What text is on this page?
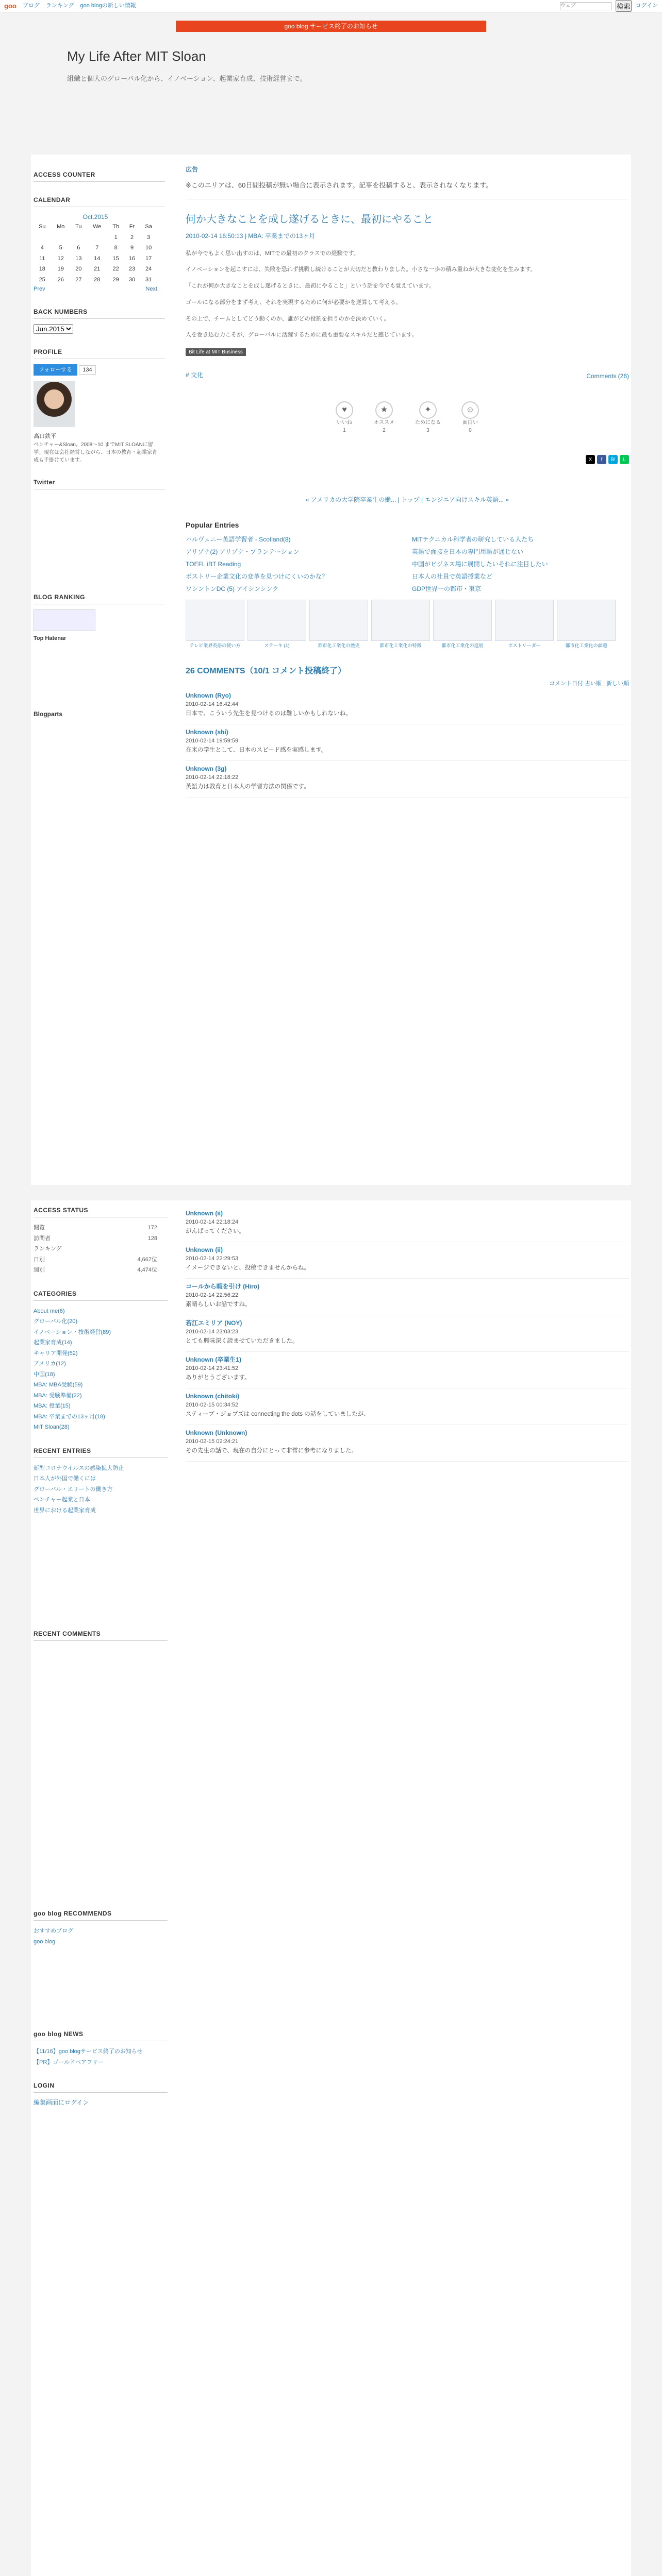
goo ブログ ランキング goo blogの新しい情報
ウェブ	検索 ログイン
goo blog サービス終了のお知らせ
My Life After MIT Sloan

組織と個人のグローバル化から、イノベーション、起業家育成、技術経営まで。

ACCESS COUNTER
CALENDAR
Oct.2015
Su	Mo	Tu	We	Th	Fr	Sa
				1	2	3
4	5	6	7	8	9	10
11	12	13	14	15	16	17
18	19	20	21	22	23	24
25	26	27	28	29	30	31
Prev	Next
BACK NUMBERS
Jun.2015
PROFILE
フォローする 134
高口鉄平
ベンチャー&Sloan。2008〜10 までMIT SLOANに留学。現在は会社経営しながら、日本の教育・起業家育成も手掛けています。
Twitter
BLOG RANKING
Top Hatenar
Blogparts
広告
※このエリアは、60日間投稿が無い場合に表示されます。記事を投稿すると、表示されなくなります。
何か大きなことを成し遂げるときに、最初にやること
2010-02-14 16:50:13 | MBA: 卒業までの13ヶ月

私が今でもよく思い出すのは、MITでの最初のクラスでの経験です。

イノベーションを起こすには、失敗を恐れず挑戦し続けることが大切だと教わりました。小さな一歩の積み重ねが大きな変化を生みます。

「これが何か大きなことを成し遂げるときに、最初にやること」という話を今でも覚えています。

ゴールになる部分をまず考え、それを実現するために何が必要かを逆算して考える。

その上で、チームとしてどう動くのか、誰がどの役割を担うのかを決めていく。

人を巻き込む力こそが、グローバルに活躍するために最も重要なスキルだと感じています。

Bit Life at MIT Business
# 文化	Comments (26)
♥
いいね
1
★
オススメ
2
✦
ためになる
3
☺
面白い
0
X	f	B!	L
« アメリカの大学院卒業生の働... | トップ | エンジニア向けスキル英語... »
Popular Entries
ハルヴェニー英語学習者 - Scotland(8)	MITテクニカル科学者の研究している人たち
アリゾナ(2) アリゾナ・プランテーション	英語で面接を日本の専門用語が通じない
TOEFL iBT Reading	中国がビジネス場に展開したいそれに注目したい
ポストリー企業文化の変革を見つけにくいのかな？	日本人の社員で英語授業など
ワシントンDC (5) アイシンシンク	GDP世界一の都市・東京
テレビ業界英語の使い方	ステーキ (1)	都市化工業化の歴史	都市化工業化の特徴	都市化工業化の進展	ポストリーダー	都市化工業化の課題
26 COMMENTS（10/1 コメント投稿終了）
コメント日付 古い順 | 新しい順
Unknown (Ryo)
2010-02-14 16:42:44

日本で、こういう先生を見つけるのは難しいかもしれないね。

Unknown (shi)
2010-02-14 19:59:59

在米の学生として、日本のスピード感を実感します。

Unknown (3g)
2010-02-14 22:18:22

英語力は教育と日本人の学習方法の関係です。

ACCESS STATUS
閲覧	172
訪問者	128
ランキング
日別	4,667位
週別	4,474位
CATEGORIES
About me(6)
グローバル化(20)
イノベーション・技術経営(89)
起業家育成(14)
キャリア開発(52)
アメリカ(12)
中国(18)
MBA: MBA受験(59)
MBA: 受験準備(22)
MBA: 授業(15)
MBA: 卒業までの13ヶ月(18)
MIT Sloan(28)
RECENT ENTRIES
新型コロナウイルスの感染拡大防止
日本人が外国で働くには
グローバル・エリートの働き方
ベンチャー起業と日本
世界における起業家育成
RECENT COMMENTS
goo blog RECOMMENDS
おすすめブログ
goo blog
goo blog NEWS
【11/16】goo blogサービス終了のお知らせ
【PR】ゴールドペアフリー
LOGIN
編集画面にログイン
Unknown (ii)
2010-02-14 22:18:24

がんばってください。

Unknown (ii)
2010-02-14 22:29:53

イメージできないと、投稿できませんからね。

コールから暇を引け (Hiro)
2010-02-14 22:56:22

素晴らしいお話ですね。

若江エミリア (NOY)
2010-02-14 23:03:23

とても興味深く読ませていただきました。

Unknown (卒業生1)
2010-02-14 23:41:52

ありがとうございます。

Unknown (chitoki)
2010-02-15 00:34:52

スティーブ・ジョブズは connecting the dots の話をしていましたが、

Unknown (Unknown)
2010-02-15 02:24:21

その先生の話で、現在の自分にとって非常に参考になりました。
